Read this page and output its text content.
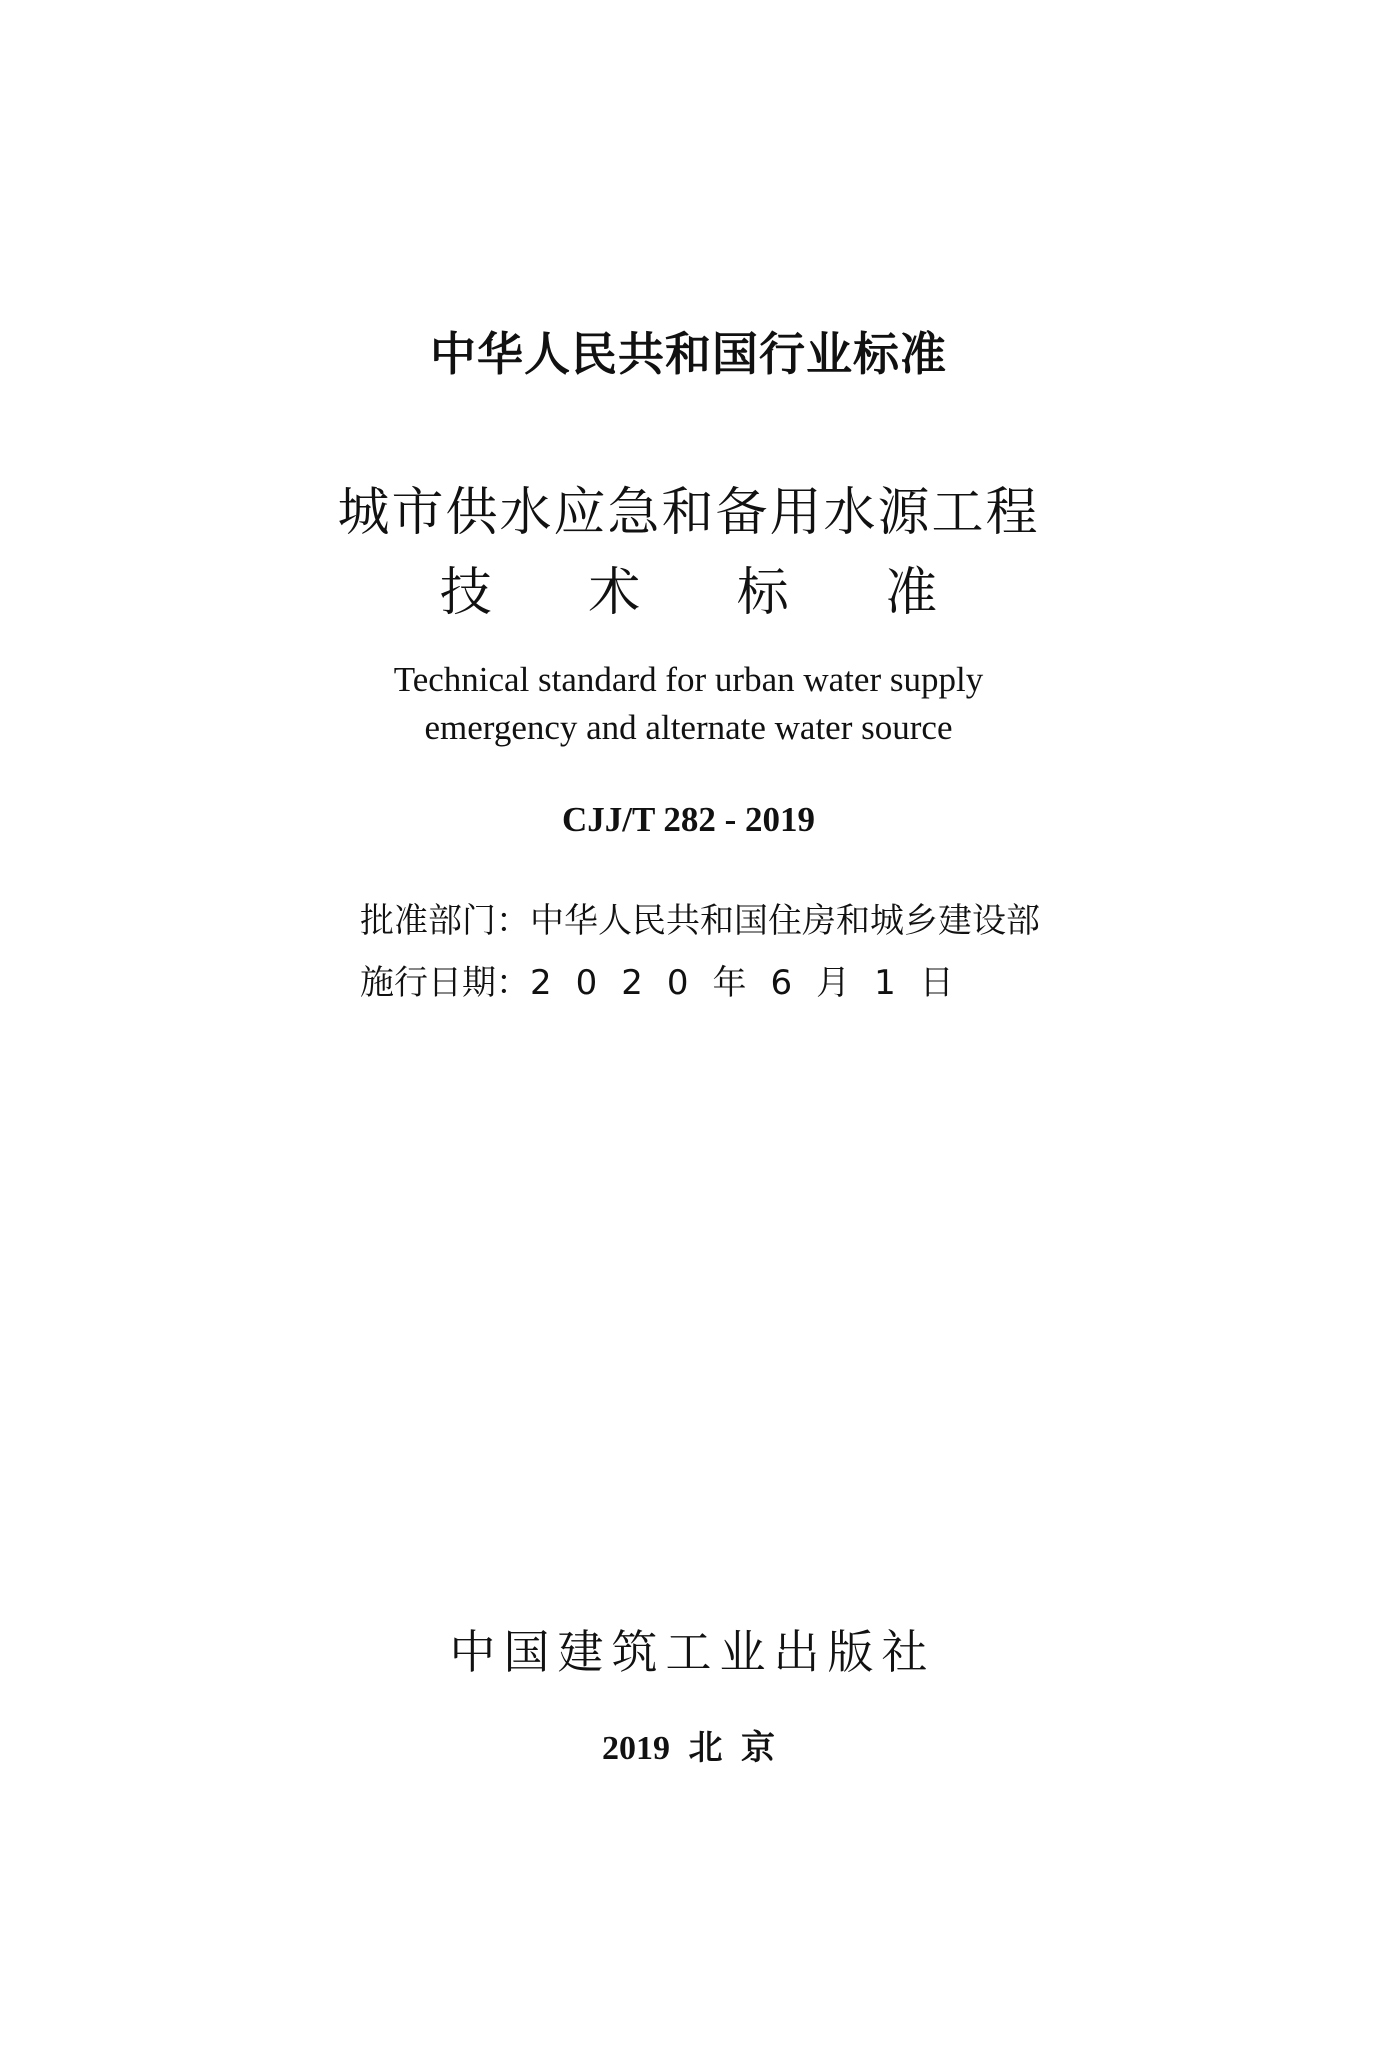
中华人民共和国行业标准
城市供水应急和备用水源工程
技 术 标 准
Technical standard for urban water supply
emergency and alternate water source
CJJ/T 282 - 2019
批准部门：中华人民共和国住房和城乡建设部
施行日期：2020年6月1日
中国建筑工业出版社
2019 北 京
